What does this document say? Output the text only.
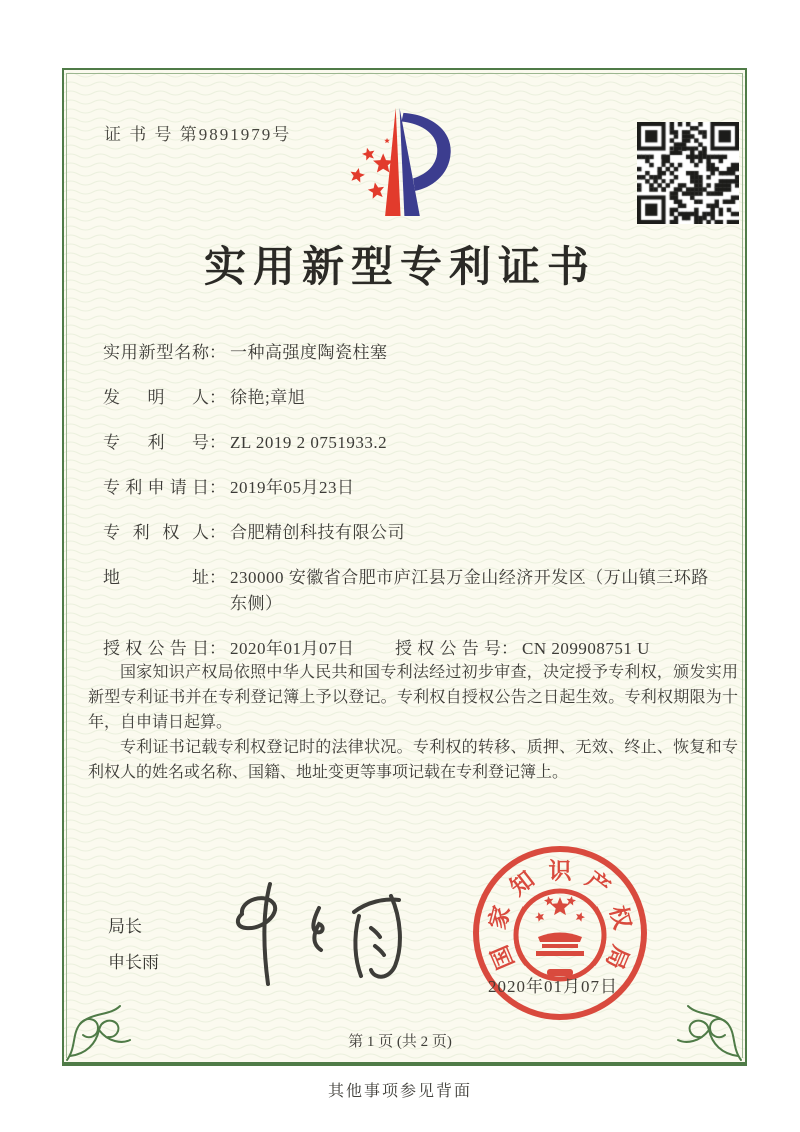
证 书 号 第9891979号
实用新型专利证书
实用新型名称： 一种高强度陶瓷柱塞
发明人： 徐艳;章旭
专利号： ZL 2019 2 0751933.2
专利申请日： 2019年05月23日
专利权人： 合肥精创科技有限公司
地址： 230000 安徽省合肥市庐江县万金山经济开发区（万山镇三环路东侧）
授权公告日： 2020年01月07日 授权公告号： CN 209908751 U

国家知识产权局依照中华人民共和国专利法经过初步审查，决定授予专利权，颁发实用新型专利证书并在专利登记簿上予以登记。专利权自授权公告之日起生效。专利权期限为十年，自申请日起算。

专利证书记载专利权登记时的法律状况。专利权的转移、质押、无效、终止、恢复和专利权人的姓名或名称、国籍、地址变更等事项记载在专利登记簿上。

局长
申长雨	国
家
知 识 产
权
局
2020年01月07日
第 1 页 (共 2 页)
其他事项参见背面
